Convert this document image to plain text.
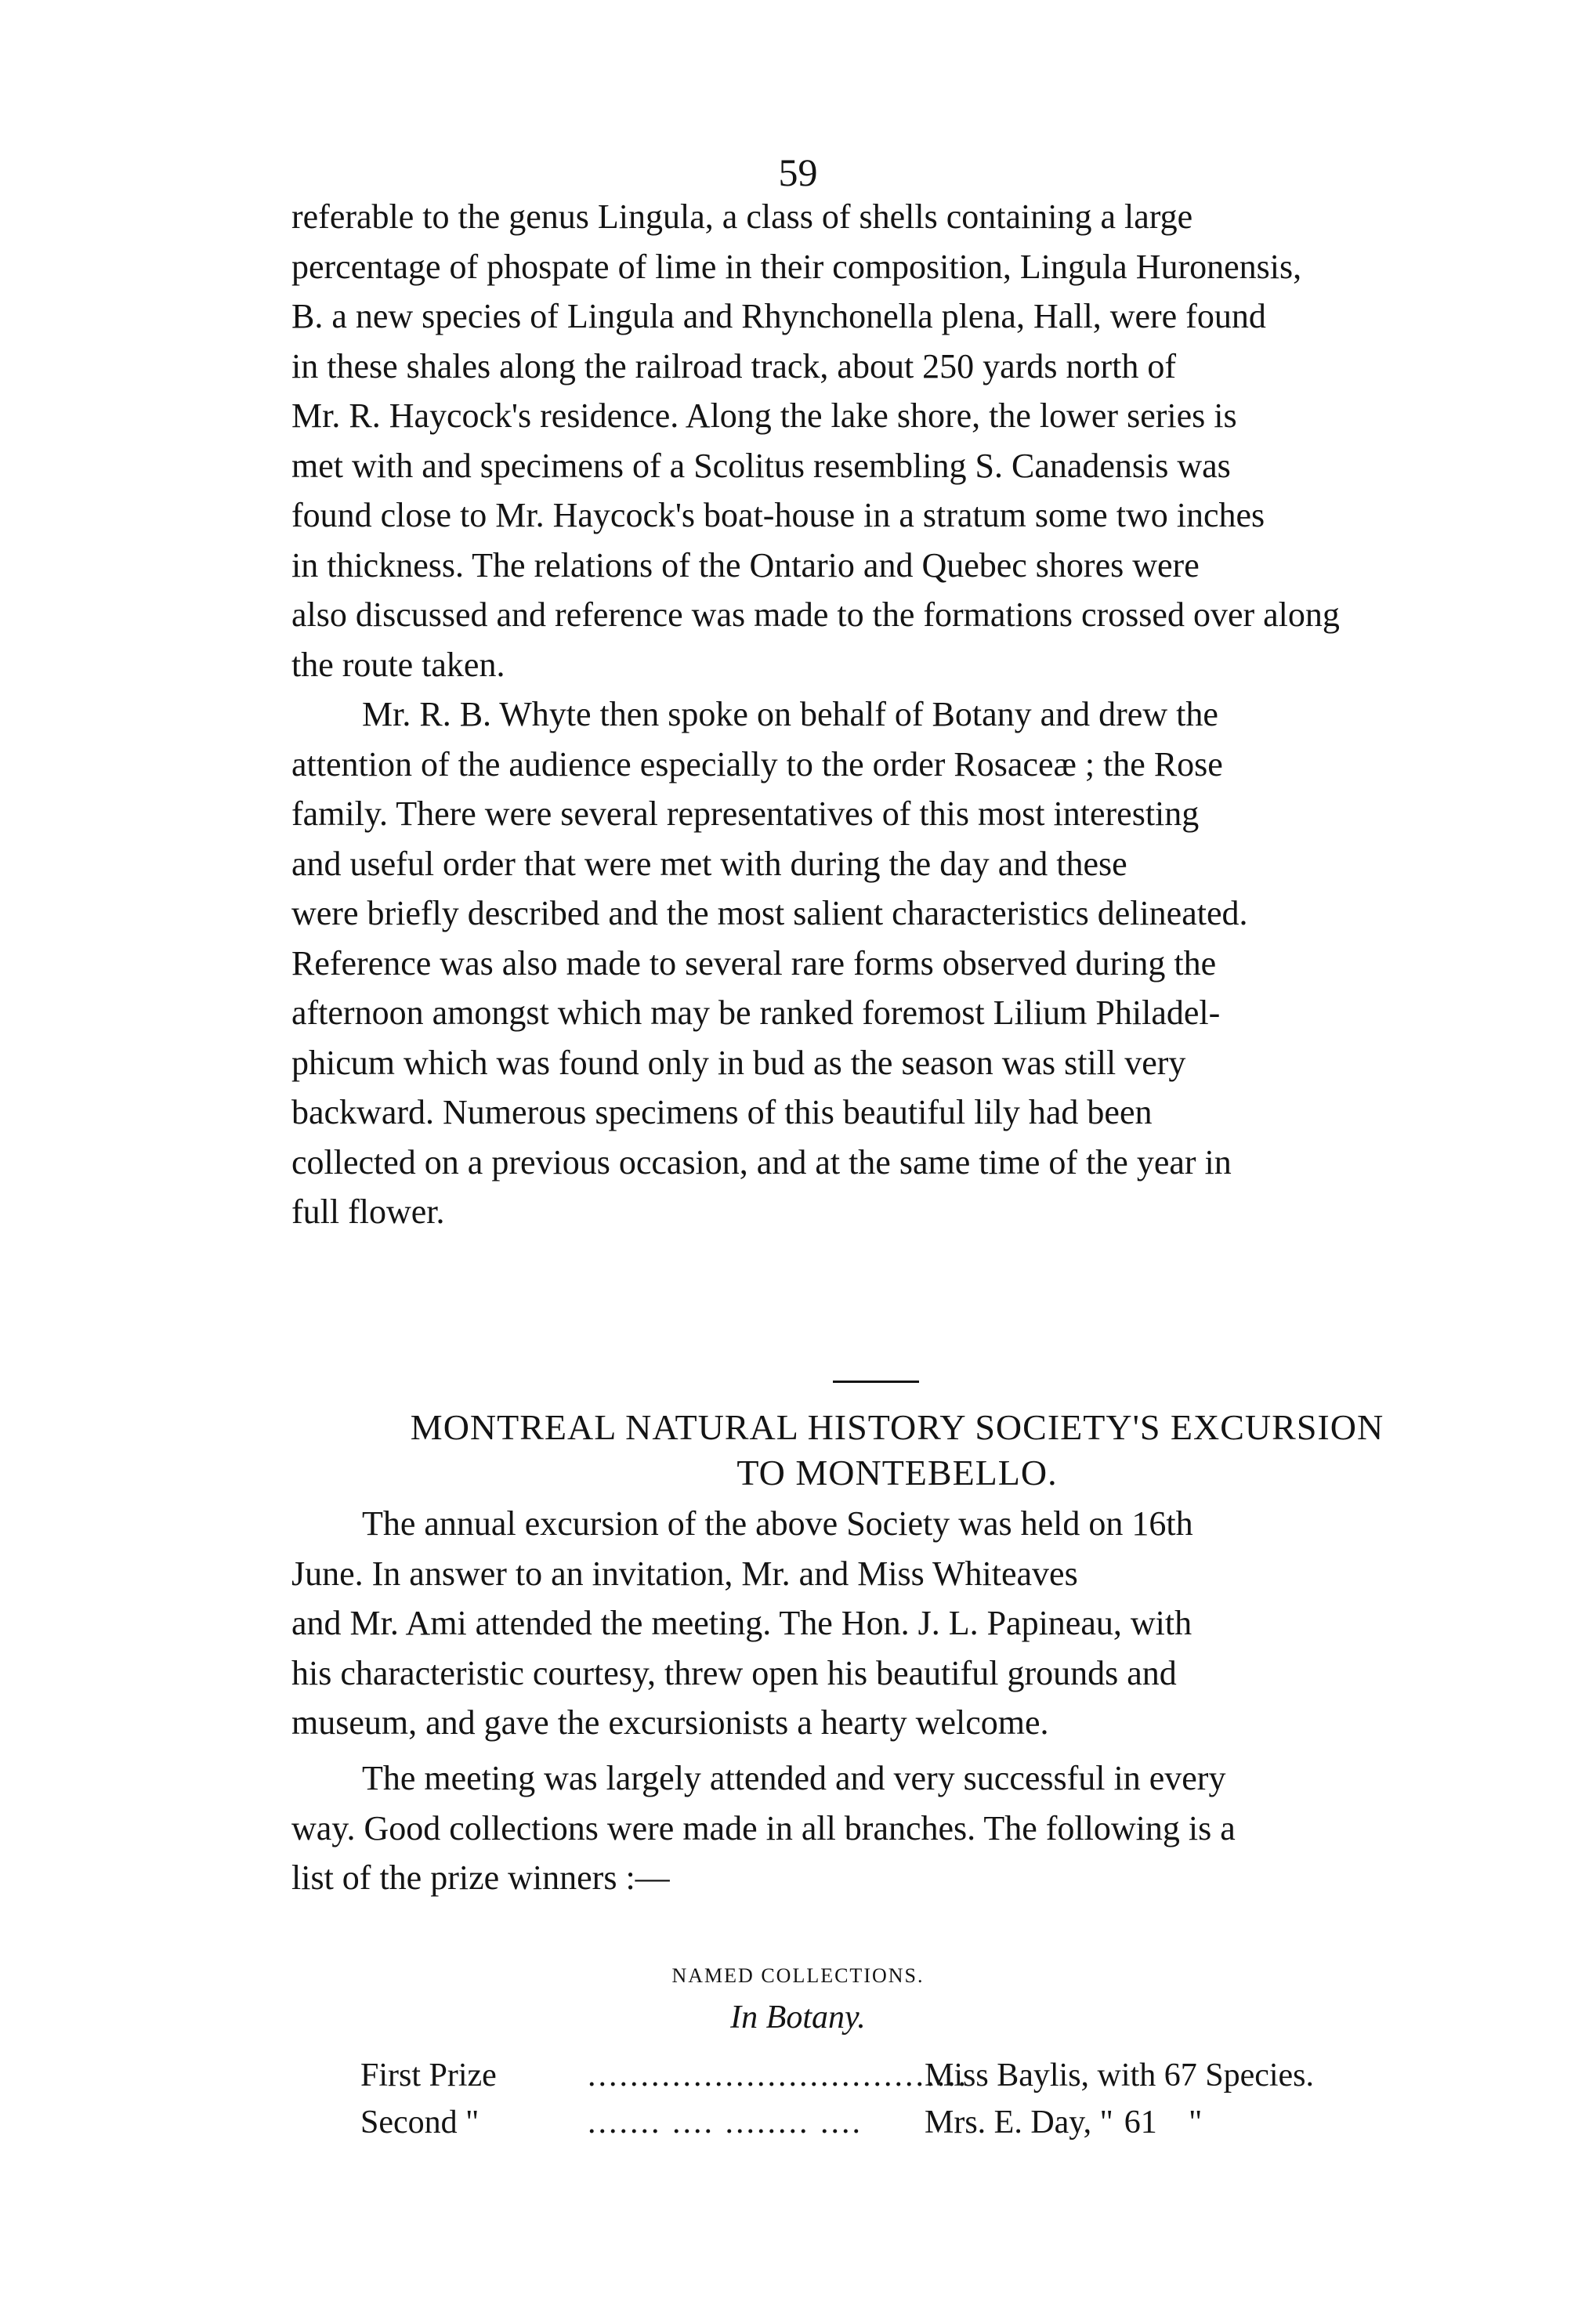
59

referable to the genus Lingula, a class of shells containing a large
percentage of phospate of lime in their composition, Lingula Huronensis,
B. a new species of Lingula and Rhynchonella plena, Hall, were found
in these shales along the railroad track, about 250 yards north of
Mr. R. Haycock's residence. Along the lake shore, the lower series is
met with and specimens of a Scolitus resembling S. Canadensis was
found close to Mr. Haycock's boat-house in a stratum some two inches
in thickness. The relations of the Ontario and Quebec shores were
also discussed and reference was made to the formations crossed over along
the route taken.

Mr. R. B. Whyte then spoke on behalf of Botany and drew the
attention of the audience especially to the order Rosaceæ ; the Rose
family. There were several representatives of this most interesting
and useful order that were met with during the day and these
were briefly described and the most salient characteristics delineated.
Reference was also made to several rare forms observed during the
afternoon amongst which may be ranked foremost Lilium Philadel-
phicum which was found only in bud as the season was still very
backward. Numerous specimens of this beautiful lily had been
collected on a previous occasion, and at the same time of the year in
full flower.

MONTREAL NATURAL HISTORY SOCIETY'S EXCURSION
TO MONTEBELLO.

The annual excursion of the above Society was held on 16th
June. In answer to an invitation, Mr. and Miss Whiteaves
and Mr. Ami attended the meeting. The Hon. J. L. Papineau, with
his characteristic courtesy, threw open his beautiful grounds and
museum, and gave the excursionists a hearty welcome.

The meeting was largely attended and very successful in every
way. Good collections were made in all branches. The following is a
list of the prize winners :—

NAMED COLLECTIONS.

In Botany.

First Prize	....................................Miss Baylis, with 67 Species.
Second "	....... .... ........ .... Mrs. E. Day, " 61 "
